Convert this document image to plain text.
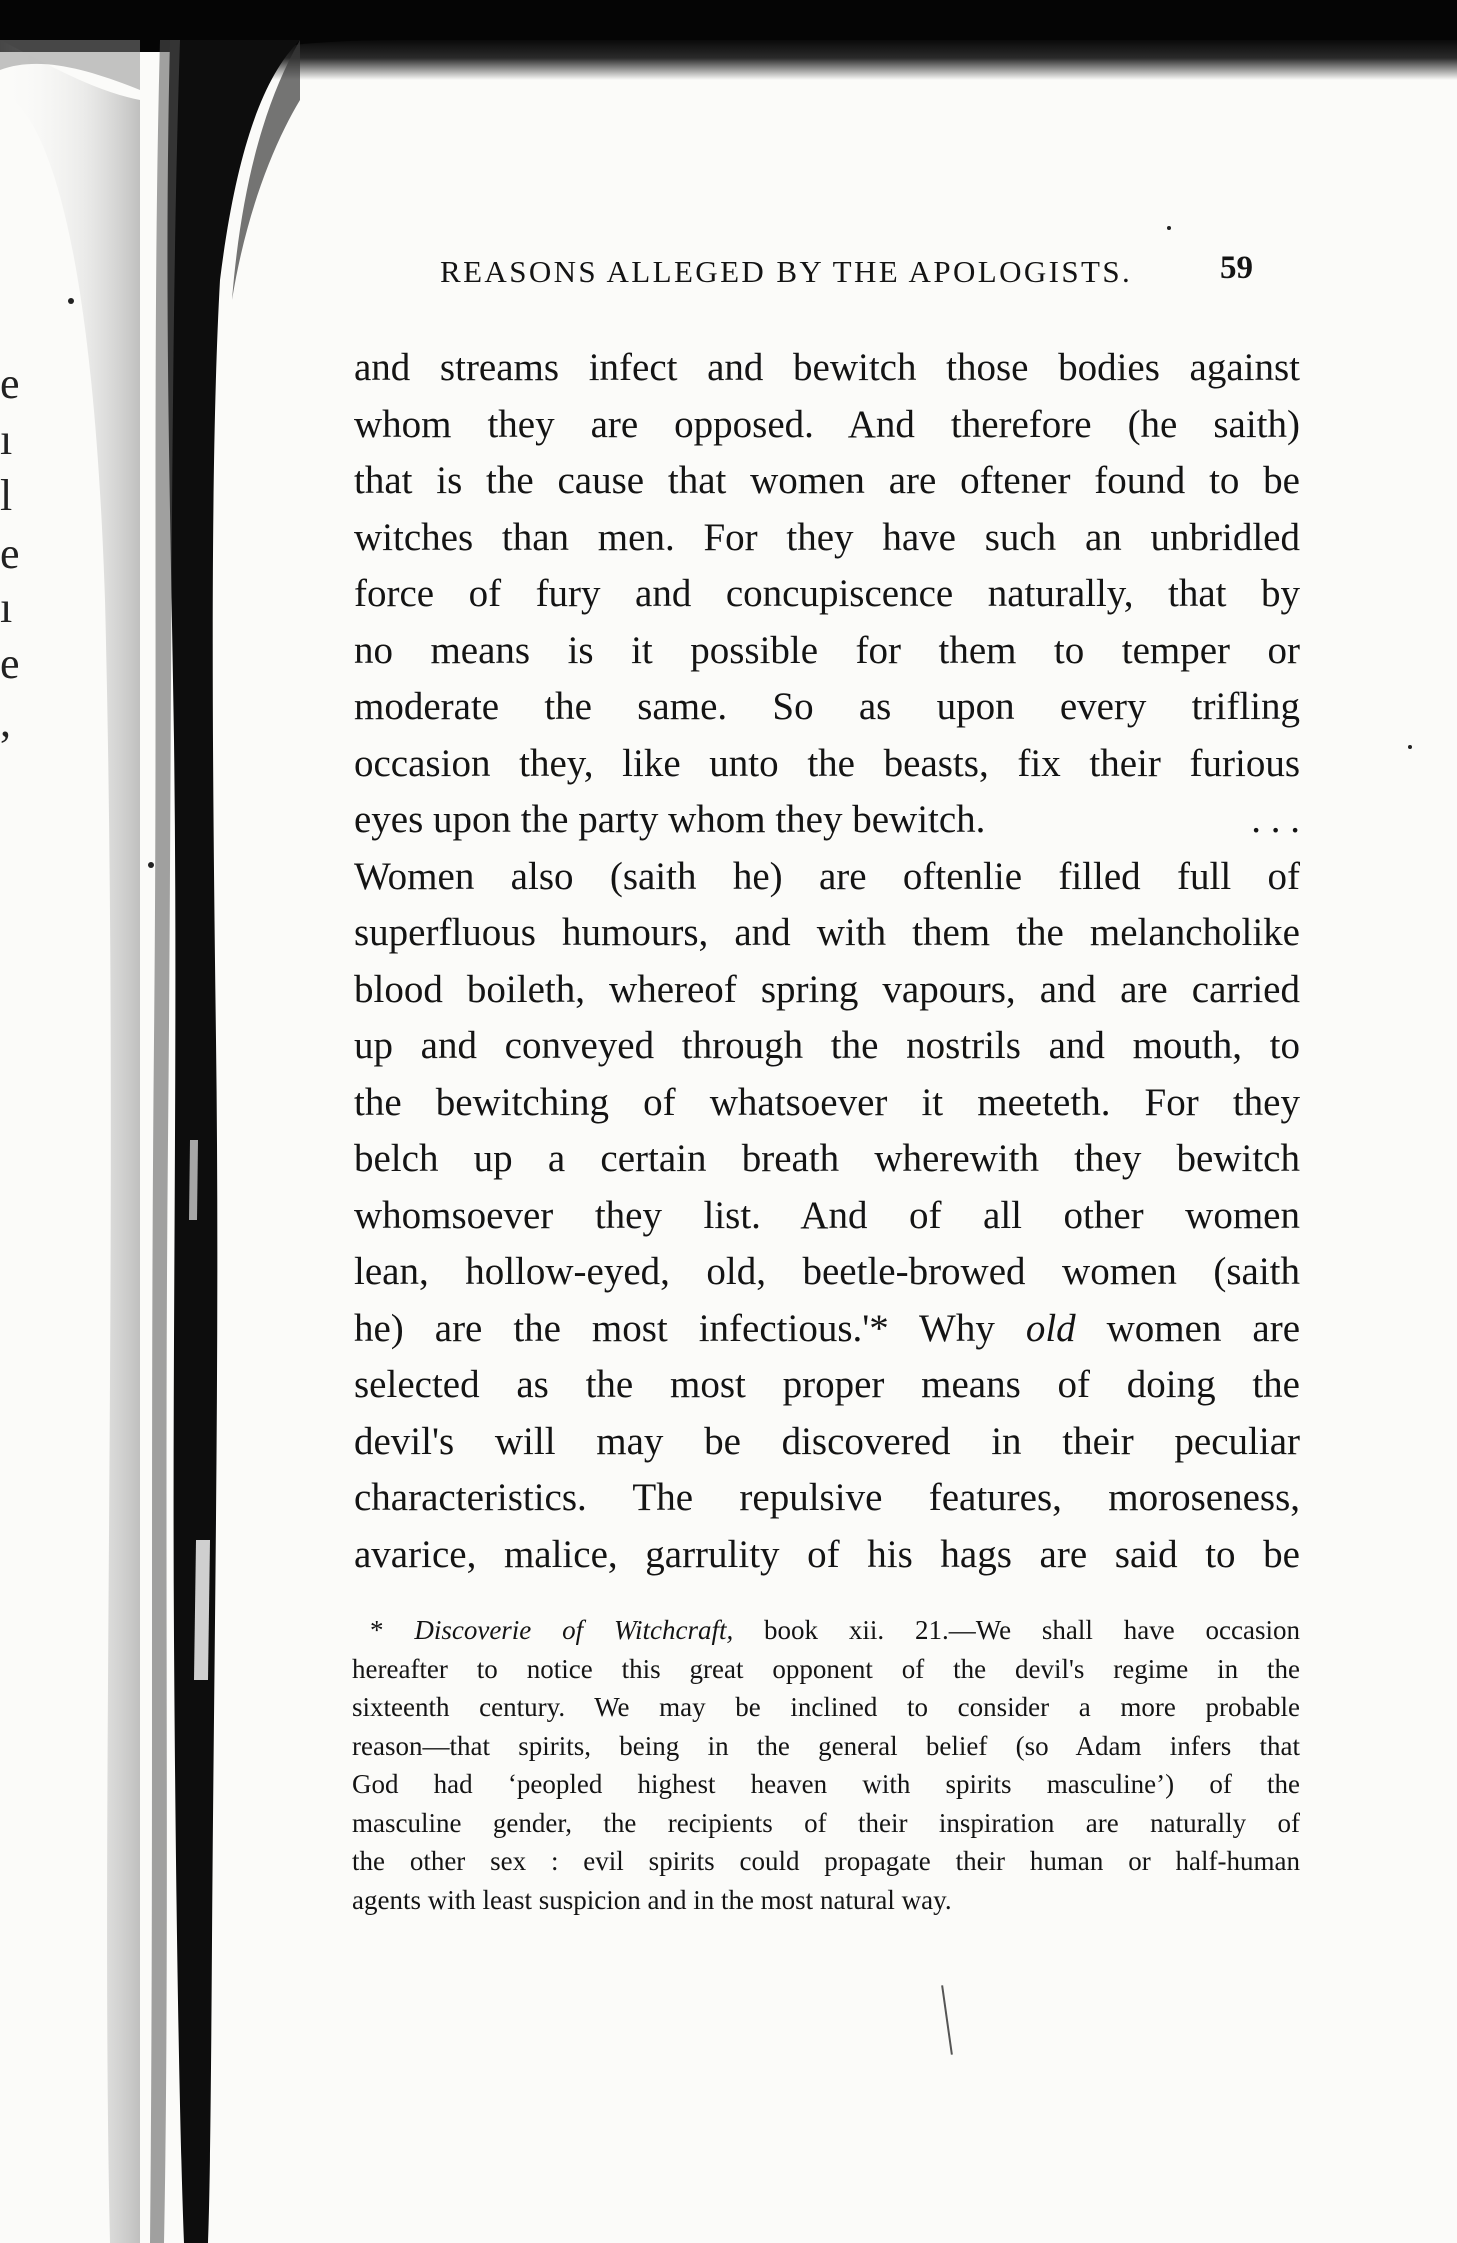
e
ı
l
e
ı
e
,
REASONS ALLEGED BY THE APOLOGISTS.	59
and streams infect and bewitch those bodies against
whom they are opposed. And therefore (he saith)
that is the cause that women are oftener found to be
witches than men. For they have such an unbridled
force of fury and concupiscence naturally, that by
no means is it possible for them to temper or
moderate the same. So as upon every trifling
occasion they, like unto the beasts, fix their furious
eyes upon the party whom they bewitch.	. . .
Women also (saith he) are oftenlie filled full of
superfluous humours, and with them the melancholike
blood boileth, whereof spring vapours, and are carried
up and conveyed through the nostrils and mouth, to
the bewitching of whatsoever it meeteth. For they
belch up a certain breath wherewith they bewitch
whomsoever they list. And of all other women
lean, hollow-eyed, old, beetle-browed women (saith
he) are the most infectious.'* Why old women are
selected as the most proper means of doing the
devil's will may be discovered in their peculiar
characteristics. The repulsive features, moroseness,
avarice, malice, garrulity of his hags are said to be
* Discoverie of Witchcraft, book xii. 21.—We shall have occasion
hereafter to notice this great opponent of the devil's regime in the
sixteenth century. We may be inclined to consider a more probable
reason—that spirits, being in the general belief (so Adam infers that
God had ‘peopled highest heaven with spirits masculine’) of the
masculine gender, the recipients of their inspiration are naturally of
the other sex : evil spirits could propagate their human or half-human
agents with least suspicion and in the most natural way.
